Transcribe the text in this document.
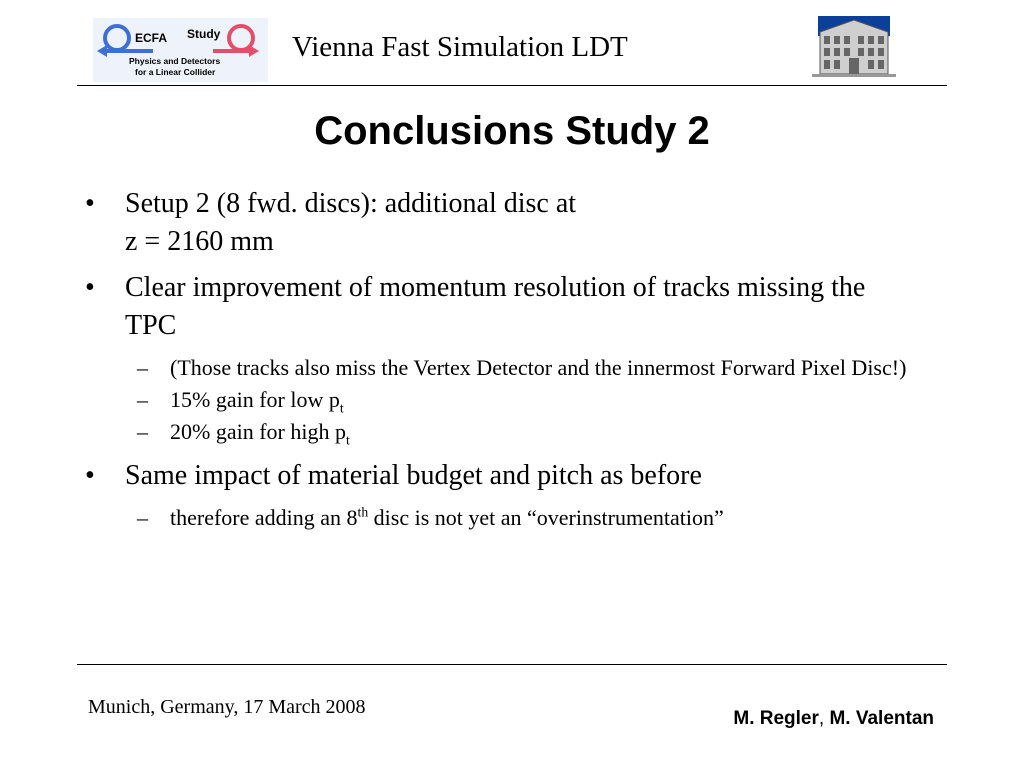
ECFA Study
Physics and Detectors
for a Linear Collider
Vienna Fast Simulation LDT
Conclusions Study 2
• Setup 2 (8 fwd. discs): additional disc at
z = 2160 mm
• Clear improvement of momentum resolution of tracks missing the TPC
– (Those tracks also miss the Vertex Detector and the innermost Forward Pixel Disc!)
– 15% gain for low $p_t$
– 20% gain for high $p_t$
• Same impact of material budget and pitch as before
– therefore adding an 8th disc is not yet an “overinstrumentation”
Munich, Germany, 17 March 2008
M. Regler, M. Valentan
